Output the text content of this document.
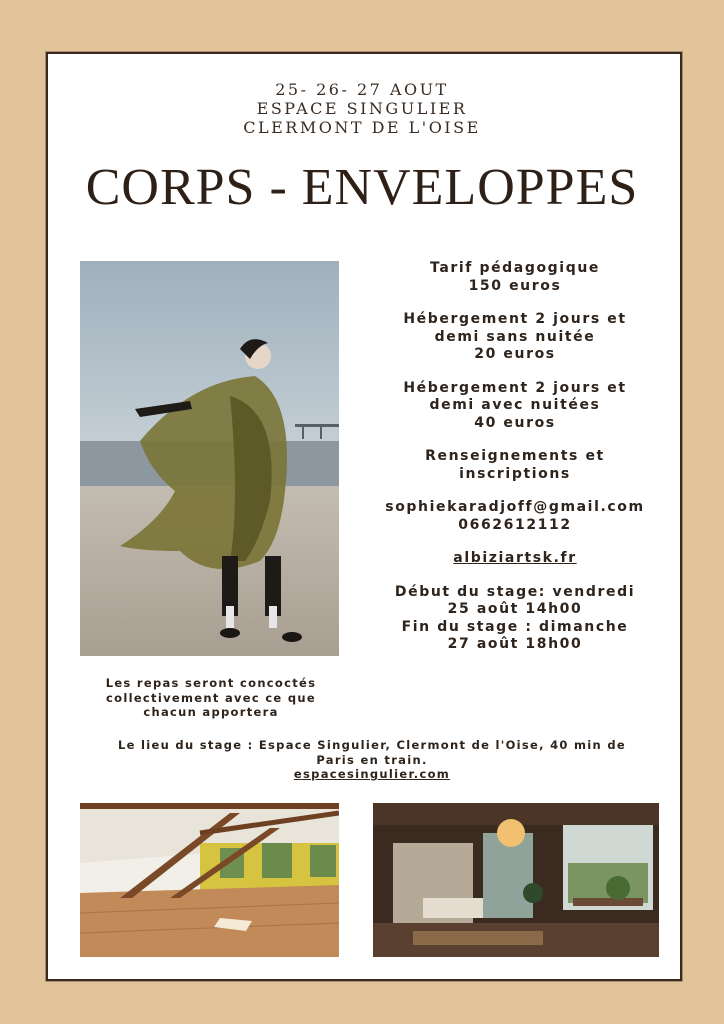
25- 26- 27 AOUT
ESPACE SINGULIER
CLERMONT DE L'OISE
CORPS - ENVELOPPES

Tarif pédagogique

150 euros

Hébergement 2 jours et

demi sans nuitée

20 euros

Hébergement 2 jours et

demi avec nuitées

40 euros

Renseignements et

inscriptions

sophiekaradjoff@gmail.com

0662612112

albiziartsk.fr

Début du stage: vendredi

25 août 14h00

Fin du stage : dimanche

27 août 18h00

Les repas seront concoctés
collectivement avec ce que
chacun apportera
Le lieu du stage : Espace Singulier, Clermont de l'Oise, 40 min de
Paris en train.
espacesingulier.com
